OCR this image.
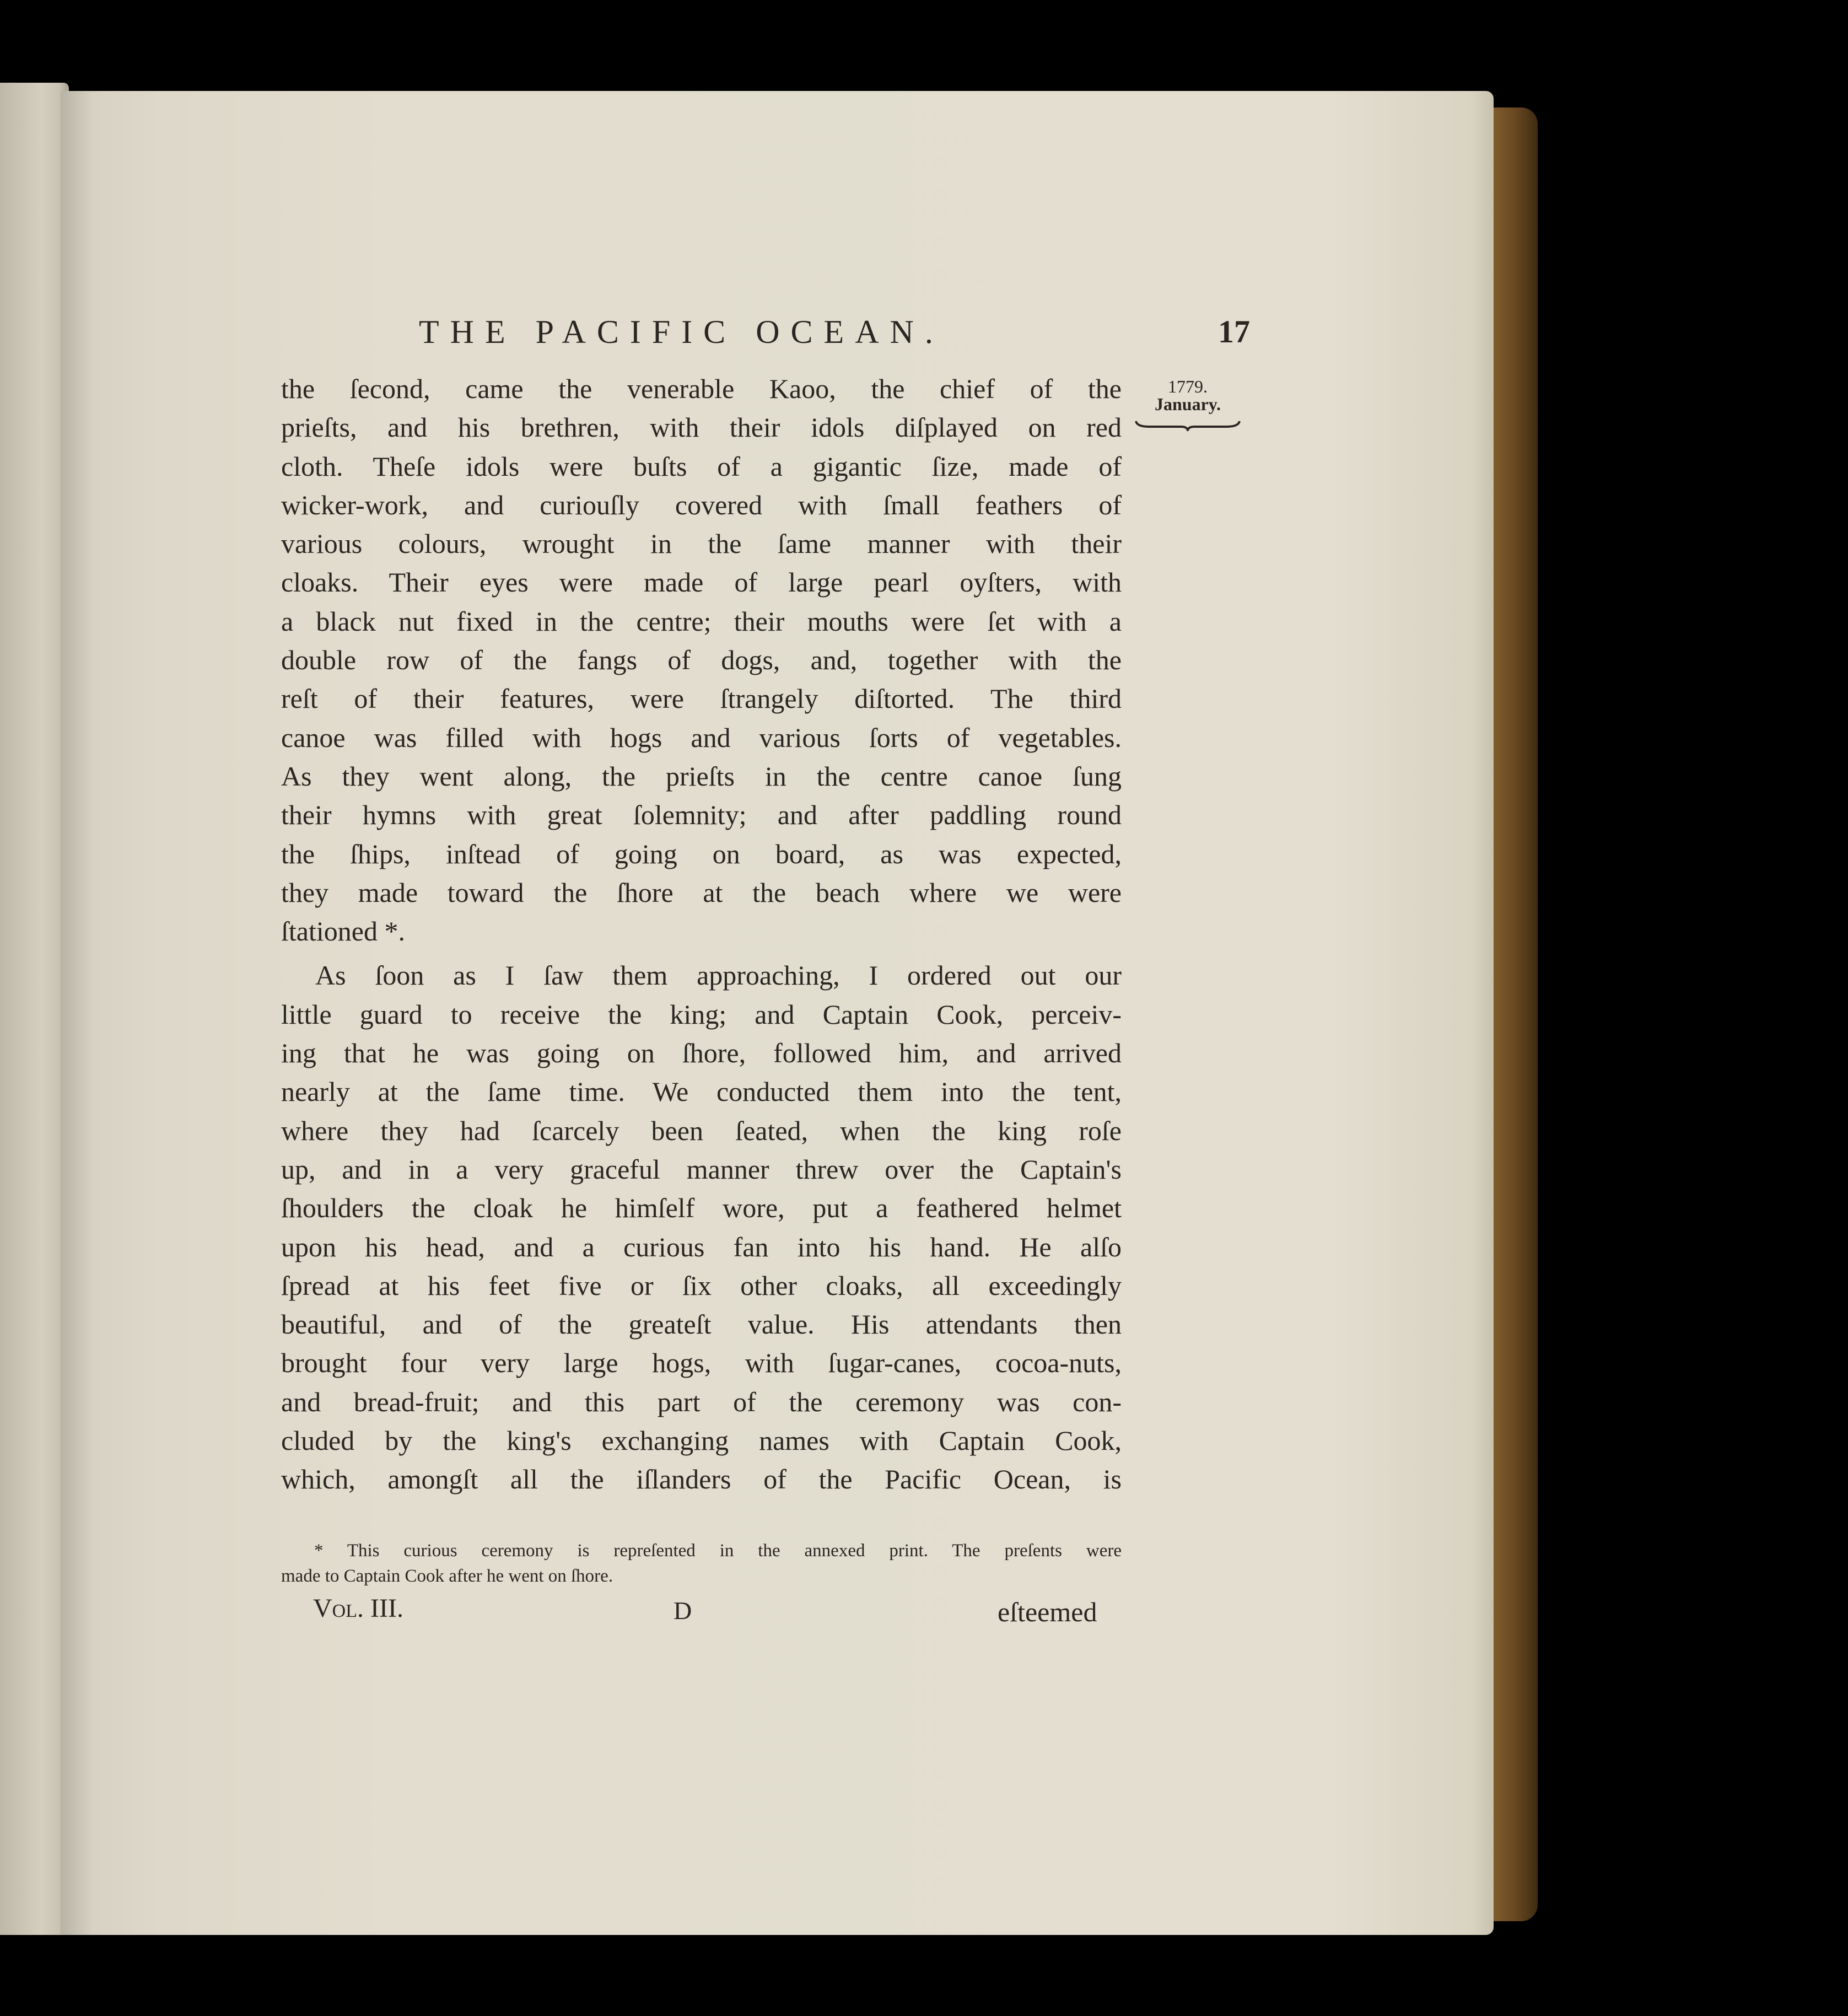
THE PACIFIC OCEAN.	17
1779.
January.
the ſecond, came the venerable Kaoo, the chief of the
prieſts, and his brethren, with their idols diſplayed on red
cloth. Theſe idols were buſts of a gigantic ſize, made of
wicker-work, and curiouſly covered with ſmall feathers of
various colours, wrought in the ſame manner with their
cloaks. Their eyes were made of large pearl oyſters, with
a black nut fixed in the centre; their mouths were ſet with a
double row of the fangs of dogs, and, together with the
reſt of their features, were ſtrangely diſtorted. The third
canoe was filled with hogs and various ſorts of vegetables.
As they went along, the prieſts in the centre canoe ſung
their hymns with great ſolemnity; and after paddling round
the ſhips, inſtead of going on board, as was expected,
they made toward the ſhore at the beach where we were
ſtationed *.
As ſoon as I ſaw them approaching, I ordered out our
little guard to receive the king; and Captain Cook, perceiv-
ing that he was going on ſhore, followed him, and arrived
nearly at the ſame time. We conducted them into the tent,
where they had ſcarcely been ſeated, when the king roſe
up, and in a very graceful manner threw over the Captain's
ſhoulders the cloak he himſelf wore, put a feathered helmet
upon his head, and a curious fan into his hand. He alſo
ſpread at his feet five or ſix other cloaks, all exceedingly
beautiful, and of the greateſt value. His attendants then
brought four very large hogs, with ſugar-canes, cocoa-nuts,
and bread-fruit; and this part of the ceremony was con-
cluded by the king's exchanging names with Captain Cook,
which, amongſt all the iſlanders of the Pacific Ocean, is
* This curious ceremony is repreſented in the annexed print. The preſents were
made to Captain Cook after he went on ſhore.
Vol. III.	D	eſteemed
